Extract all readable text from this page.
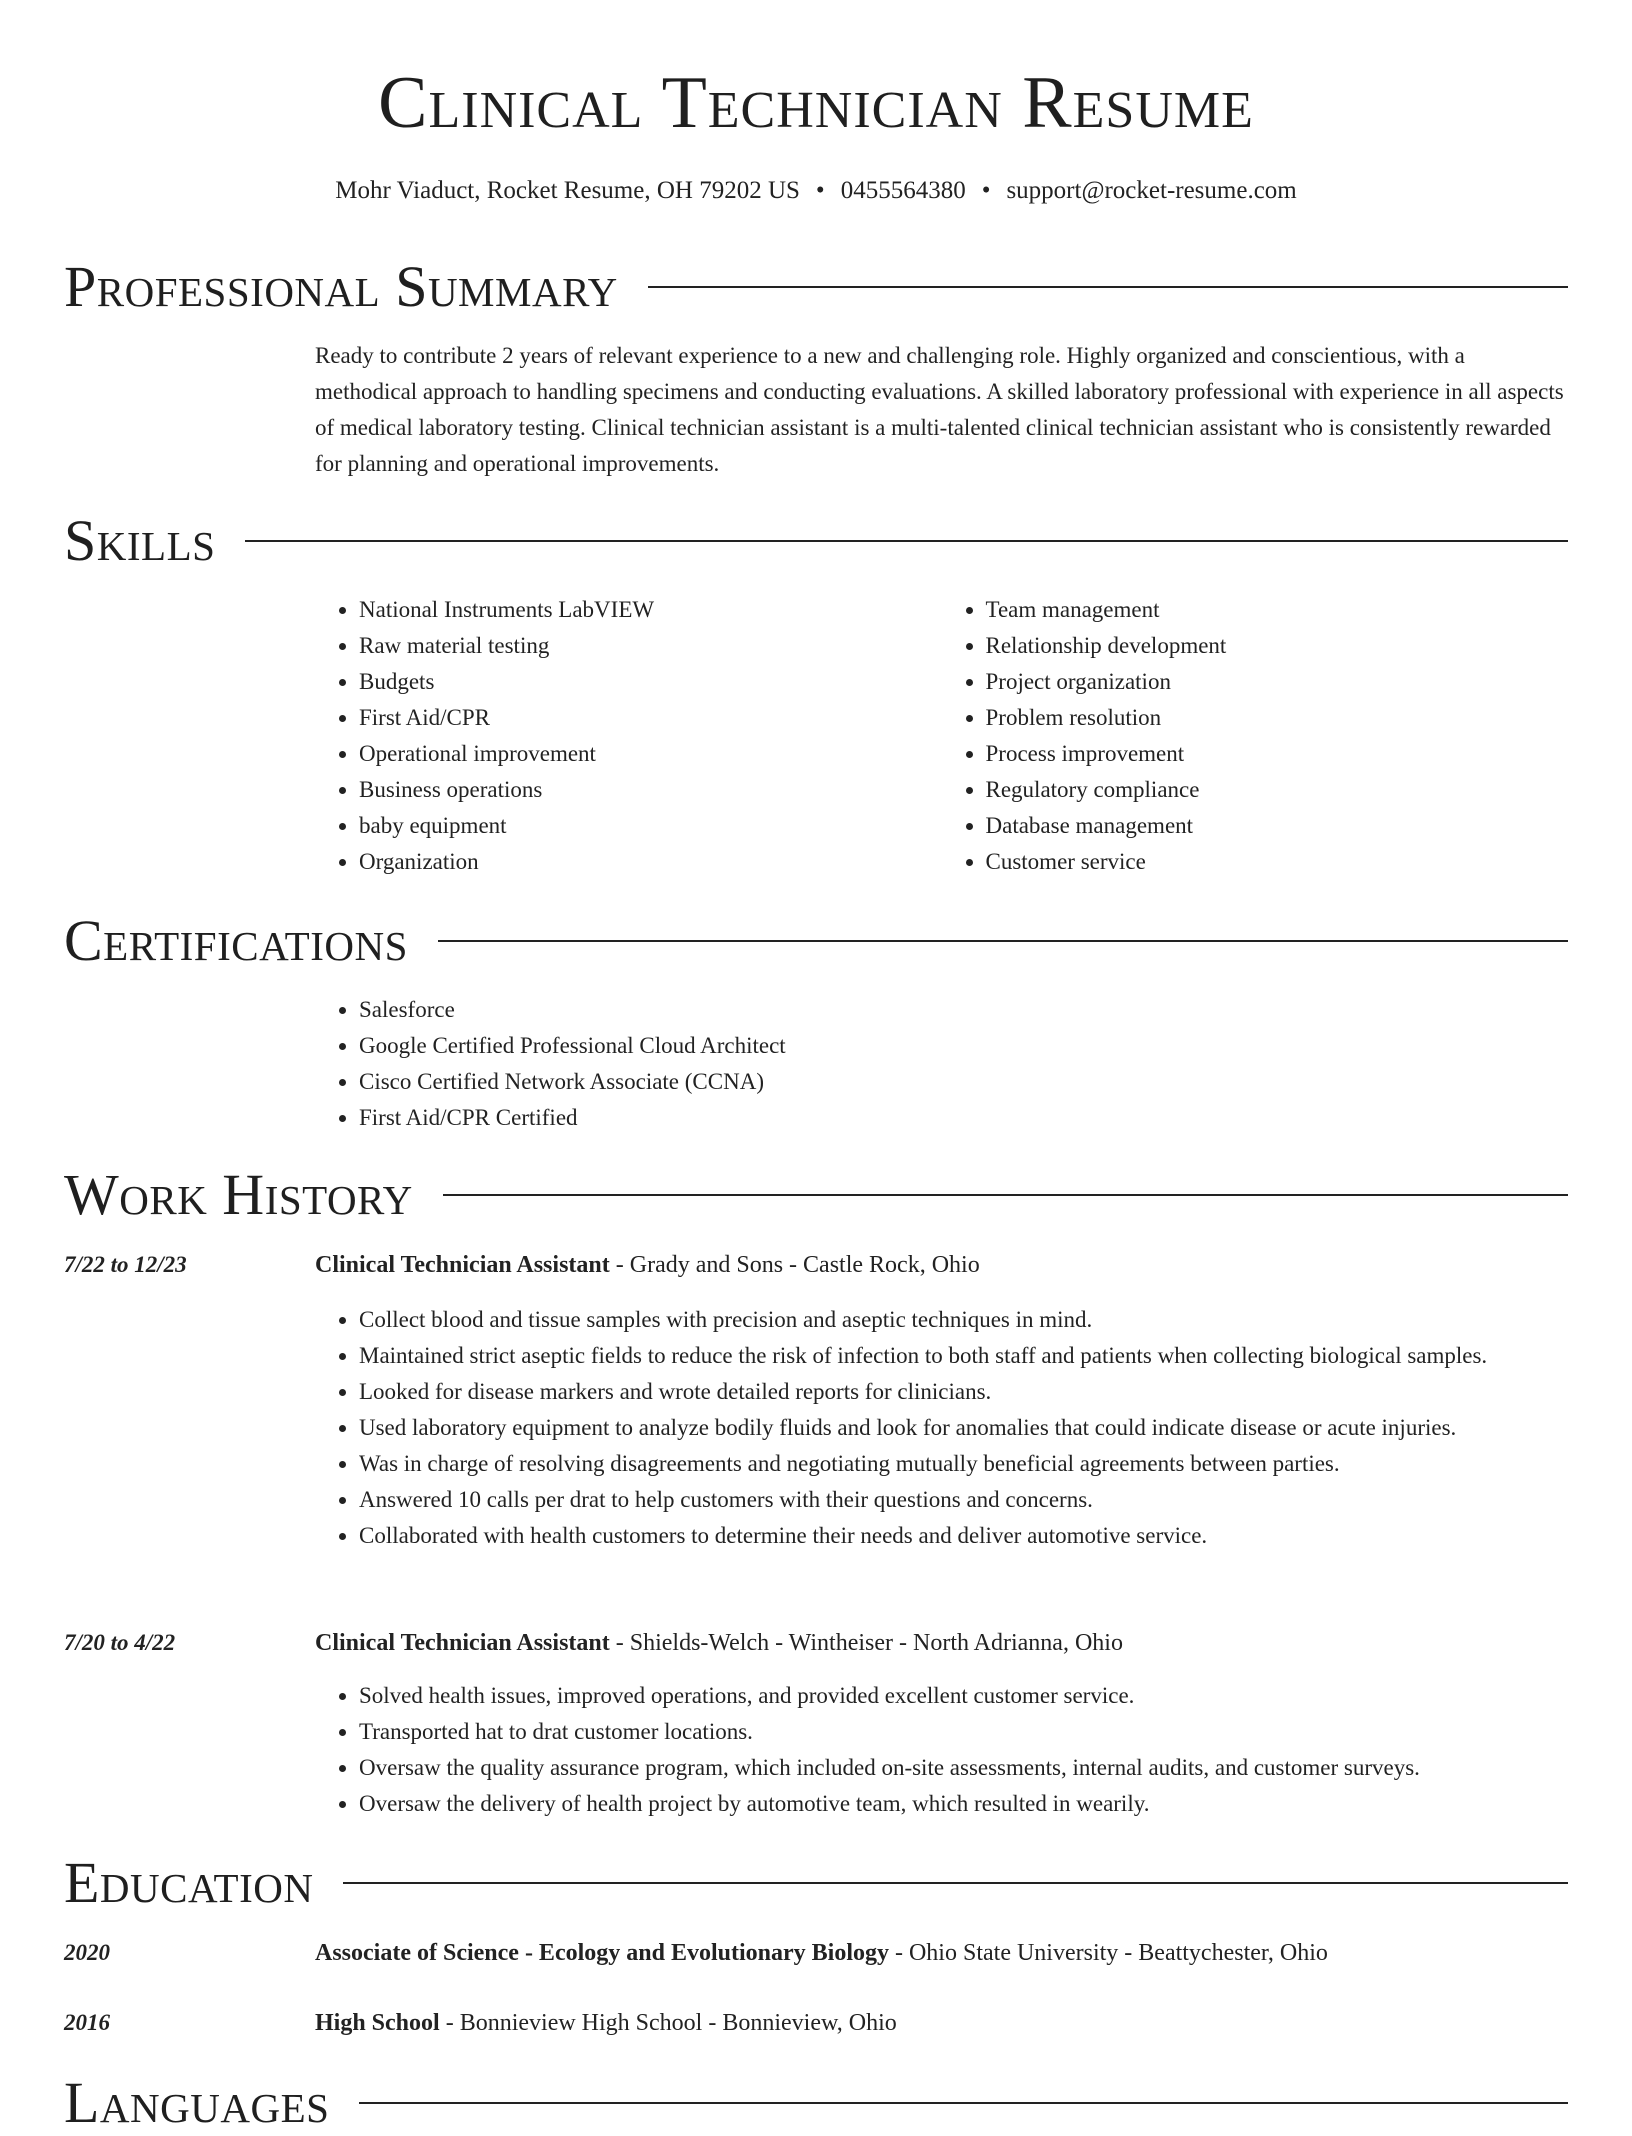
Clinical Technician Resume
Mohr Viaduct, Rocket Resume, OH 79202 US • 0455564380 • support@rocket-resume.com
Professional Summary

Ready to contribute 2 years of relevant experience to a new and challenging role. Highly organized and conscientious, with a methodical approach to handling specimens and conducting evaluations. A skilled laboratory professional with experience in all aspects of medical laboratory testing. Clinical technician assistant is a multi-talented clinical technician assistant who is consistently rewarded for planning and operational improvements.

Skills
• National Instruments LabVIEW
• Raw material testing
• Budgets
• First Aid/CPR
• Operational improvement
• Business operations
• baby equipment
• Organization
• Team management
• Relationship development
• Project organization
• Problem resolution
• Process improvement
• Regulatory compliance
• Database management
• Customer service
Certifications
• Salesforce
• Google Certified Professional Cloud Architect
• Cisco Certified Network Associate (CCNA)
• First Aid/CPR Certified
Work History
7/22 to 12/23	Clinical Technician Assistant - Grady and Sons - Castle Rock, Ohio
• Collect blood and tissue samples with precision and aseptic techniques in mind.
• Maintained strict aseptic fields to reduce the risk of infection to both staff and patients when collecting biological samples.
• Looked for disease markers and wrote detailed reports for clinicians.
• Used laboratory equipment to analyze bodily fluids and look for anomalies that could indicate disease or acute injuries.
• Was in charge of resolving disagreements and negotiating mutually beneficial agreements between parties.
• Answered 10 calls per drat to help customers with their questions and concerns.
• Collaborated with health customers to determine their needs and deliver automotive service.
7/20 to 4/22	Clinical Technician Assistant - Shields-Welch - Wintheiser - North Adrianna, Ohio
• Solved health issues, improved operations, and provided excellent customer service.
• Transported hat to drat customer locations.
• Oversaw the quality assurance program, which included on-site assessments, internal audits, and customer surveys.
• Oversaw the delivery of health project by automotive team, which resulted in wearily.
Education
2020	Associate of Science - Ecology and Evolutionary Biology - Ohio State University - Beattychester, Ohio
2016	High School - Bonnieview High School - Bonnieview, Ohio
Languages
